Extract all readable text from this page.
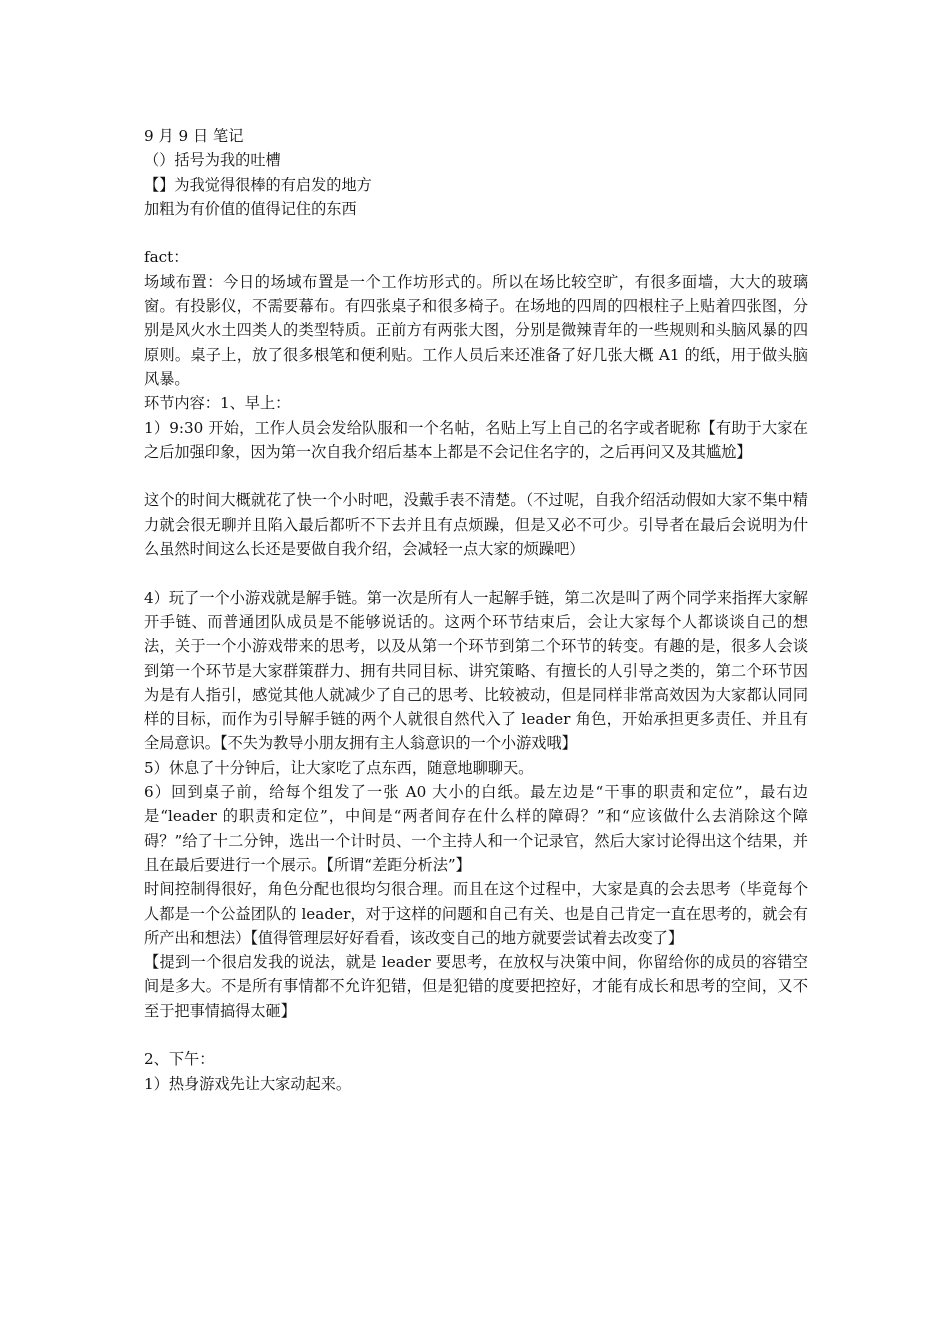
9 月 9 日 笔记
（）括号为我的吐槽
【】为我觉得很棒的有启发的地方
加粗为有价值的值得记住的东西
fact：

场域布置：今日的场域布置是一个工作坊形式的。所以在场比较空旷，有很多面墙，大大的玻璃窗。有投影仪，不需要幕布。有四张桌子和很多椅子。在场地的四周的四根柱子上贴着四张图，分别是风火水土四类人的类型特质。正前方有两张大图，分别是微辣青年的一些规则和头脑风暴的四原则。桌子上，放了很多根笔和便利贴。工作人员后来还准备了好几张大概 A1 的纸，用于做头脑风暴。

环节内容：1、早上：

1）9:30 开始，工作人员会发给队服和一个名帖，名贴上写上自己的名字或者昵称【有助于大家在之后加强印象，因为第一次自我介绍后基本上都是不会记住名字的，之后再问又及其尴尬】

这个的时间大概就花了快一个小时吧，没戴手表不清楚。（不过呢，自我介绍活动假如大家不集中精力就会很无聊并且陷入最后都听不下去并且有点烦躁，但是又必不可少。引导者在最后会说明为什么虽然时间这么长还是要做自我介绍，会减轻一点大家的烦躁吧）

4）玩了一个小游戏就是解手链。第一次是所有人一起解手链，第二次是叫了两个同学来指挥大家解开手链、而普通团队成员是不能够说话的。这两个环节结束后，会让大家每个人都谈谈自己的想法，关于一个小游戏带来的思考，以及从第一个环节到第二个环节的转变。有趣的是，很多人会谈到第一个环节是大家群策群力、拥有共同目标、讲究策略、有擅长的人引导之类的，第二个环节因为是有人指引，感觉其他人就减少了自己的思考、比较被动，但是同样非常高效因为大家都认同同样的目标，而作为引导解手链的两个人就很自然代入了 leader 角色，开始承担更多责任、并且有全局意识。【不失为教导小朋友拥有主人翁意识的一个小游戏哦】

5）休息了十分钟后，让大家吃了点东西，随意地聊聊天。

6）回到桌子前，给每个组发了一张 A0 大小的白纸。最左边是“干事的职责和定位”，最右边是“leader 的职责和定位”，中间是“两者间存在什么样的障碍？”和“应该做什么去消除这个障碍？”给了十二分钟，选出一个计时员、一个主持人和一个记录官，然后大家讨论得出这个结果，并且在最后要进行一个展示。【所谓“差距分析法”】

时间控制得很好，角色分配也很均匀很合理。而且在这个过程中，大家是真的会去思考（毕竟每个人都是一个公益团队的 leader，对于这样的问题和自己有关、也是自己肯定一直在思考的，就会有所产出和想法）【值得管理层好好看看，该改变自己的地方就要尝试着去改变了】

【提到一个很启发我的说法，就是 leader 要思考，在放权与决策中间，你留给你的成员的容错空间是多大。不是所有事情都不允许犯错，但是犯错的度要把控好，才能有成长和思考的空间，又不至于把事情搞得太砸】

2、下午：
1）热身游戏先让大家动起来。
